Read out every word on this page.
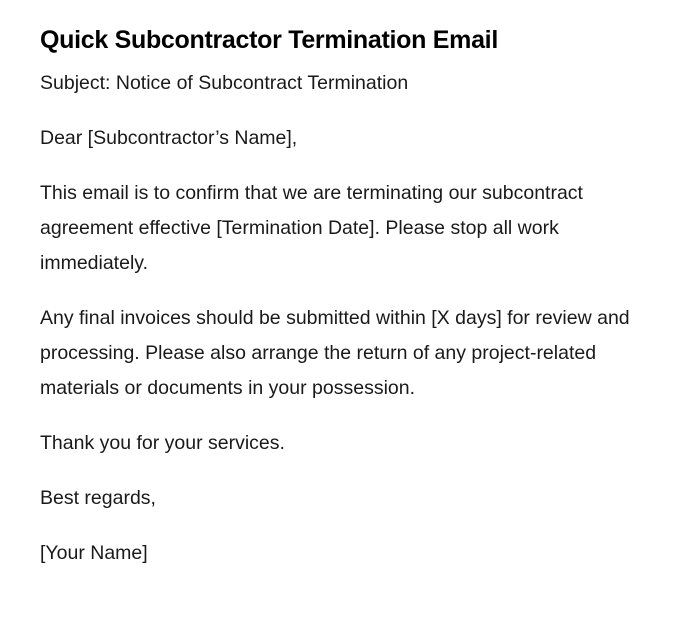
Quick Subcontractor Termination Email

Subject: Notice of Subcontract Termination

Dear [Subcontractor’s Name],

This email is to confirm that we are terminating our subcontract agreement effective [Termination Date]. Please stop all work immediately.

Any final invoices should be submitted within [X days] for review and processing. Please also arrange the return of any project-related materials or documents in your possession.

Thank you for your services.

Best regards,

[Your Name]
